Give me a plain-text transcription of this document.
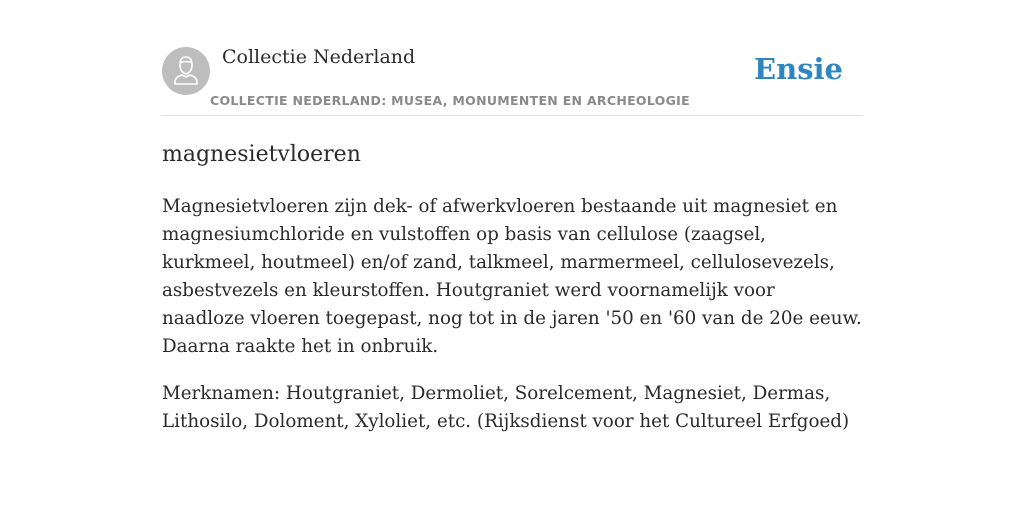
Collectie Nederland
COLLECTIE NEDERLAND: MUSEA, MONUMENTEN EN ARCHEOLOGIE
Ensie
magnesietvloeren

Magnesietvloeren zijn dek- of afwerkvloeren bestaande uit magnesiet en magnesiumchloride en vulstoffen op basis van cellulose (zaagsel, kurkmeel, houtmeel) en/of zand, talkmeel, marmermeel, cellulosevezels, asbestvezels en kleurstoffen. Houtgraniet werd voornamelijk voor naadloze vloeren toegepast, nog tot in de jaren '50 en '60 van de 20e eeuw. Daarna raakte het in onbruik.

Merknamen: Houtgraniet, Dermoliet, Sorelcement, Magnesiet, Dermas, Lithosilo, Doloment, Xyloliet, etc. (Rijksdienst voor het Cultureel Erfgoed)
